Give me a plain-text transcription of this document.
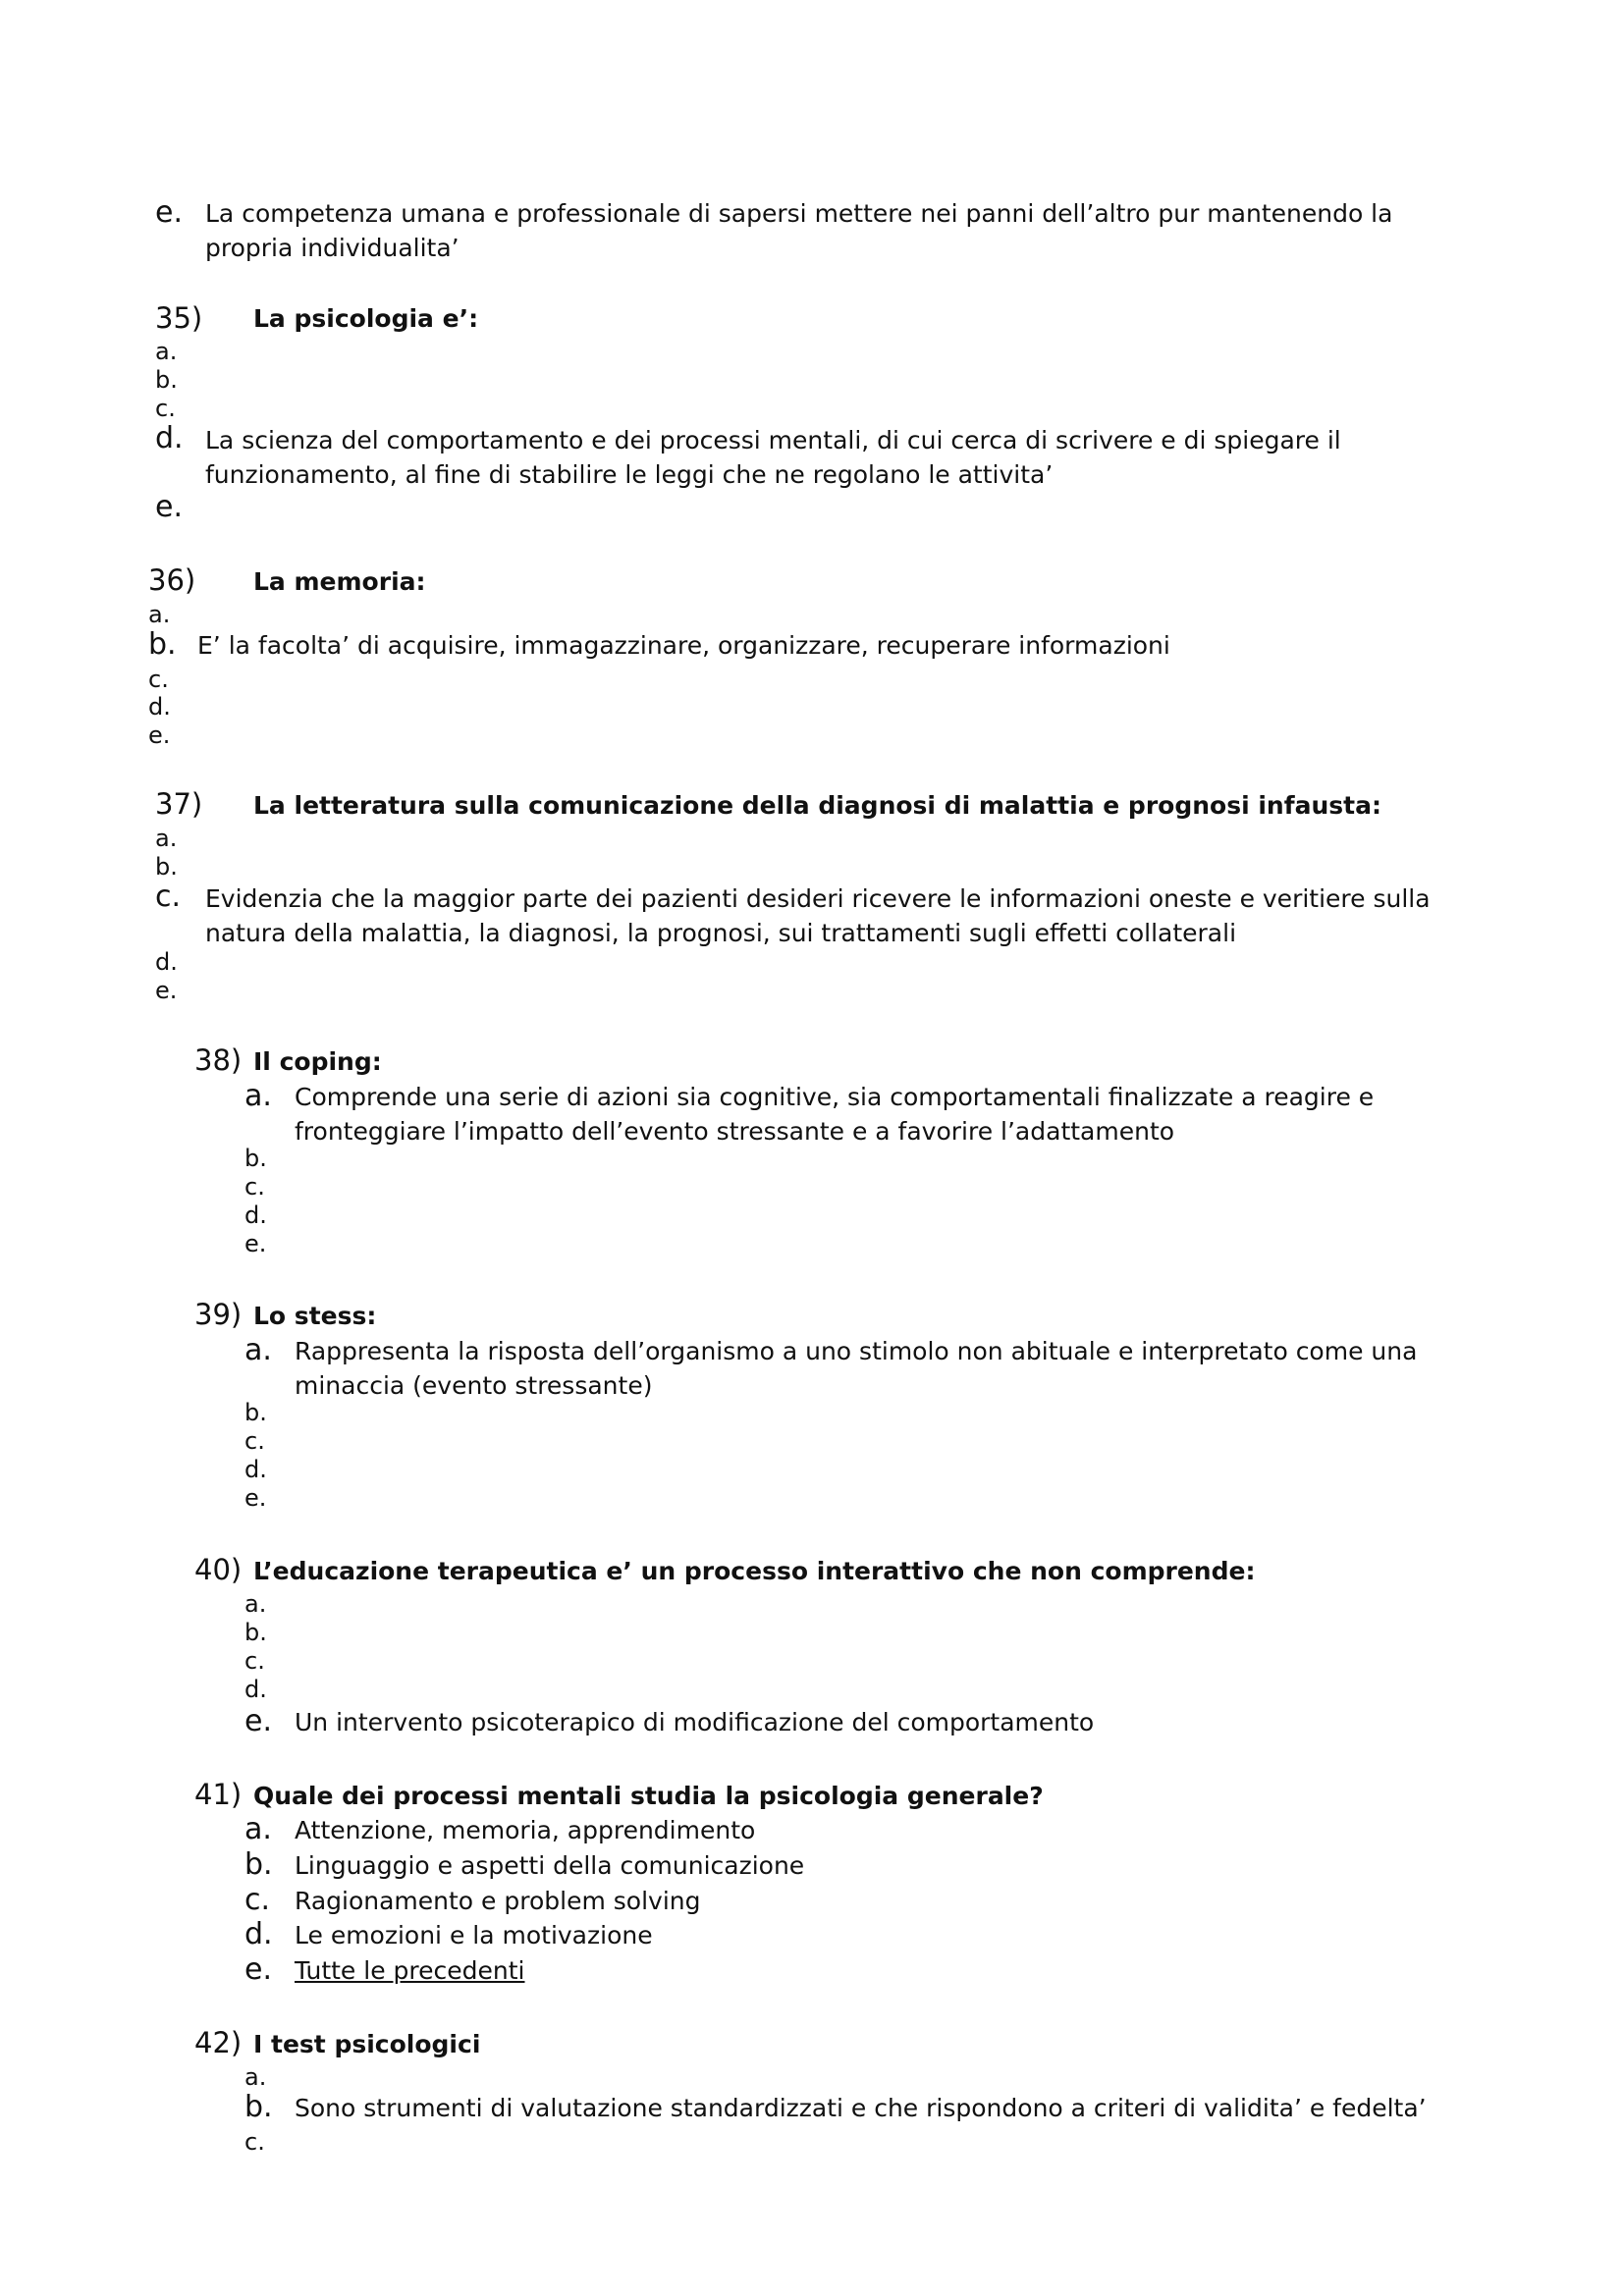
e. La competenza umana e professionale di sapersi mettere nei panni dell’altro pur mantenendo la propria individualita’
35) La psicologia e’:
a.
b.
c.
d. La scienza del comportamento e dei processi mentali, di cui cerca di scrivere e di spiegare il funzionamento, al fine di stabilire le leggi che ne regolano le attivita’
e.
36) La memoria:
a.
b. E’ la facolta’ di acquisire, immagazzinare, organizzare, recuperare informazioni
c.
d.
e.
37) La letteratura sulla comunicazione della diagnosi di malattia e prognosi infausta:
a.
b.
c. Evidenzia che la maggior parte dei pazienti desideri ricevere le informazioni oneste e veritiere sulla natura della malattia, la diagnosi, la prognosi, sui trattamenti sugli effetti collaterali
d.
e.
38) Il coping:
a. Comprende una serie di azioni sia cognitive, sia comportamentali finalizzate a reagire e fronteggiare l’impatto dell’evento stressante e a favorire l’adattamento
b.
c.
d.
e.
39) Lo stess:
a. Rappresenta la risposta dell’organismo a uno stimolo non abituale e interpretato come una minaccia (evento stressante)
b.
c.
d.
e.
40) L’educazione terapeutica e’ un processo interattivo che non comprende:
a.
b.
c.
d.
e. Un intervento psicoterapico di modificazione del comportamento
41) Quale dei processi mentali studia la psicologia generale?
a. Attenzione, memoria, apprendimento
b. Linguaggio e aspetti della comunicazione
c. Ragionamento e problem solving
d. Le emozioni e la motivazione
e. Tutte le precedenti
42) I test psicologici
a.
b. Sono strumenti di valutazione standardizzati e che rispondono a criteri di validita’ e fedelta’
c.
